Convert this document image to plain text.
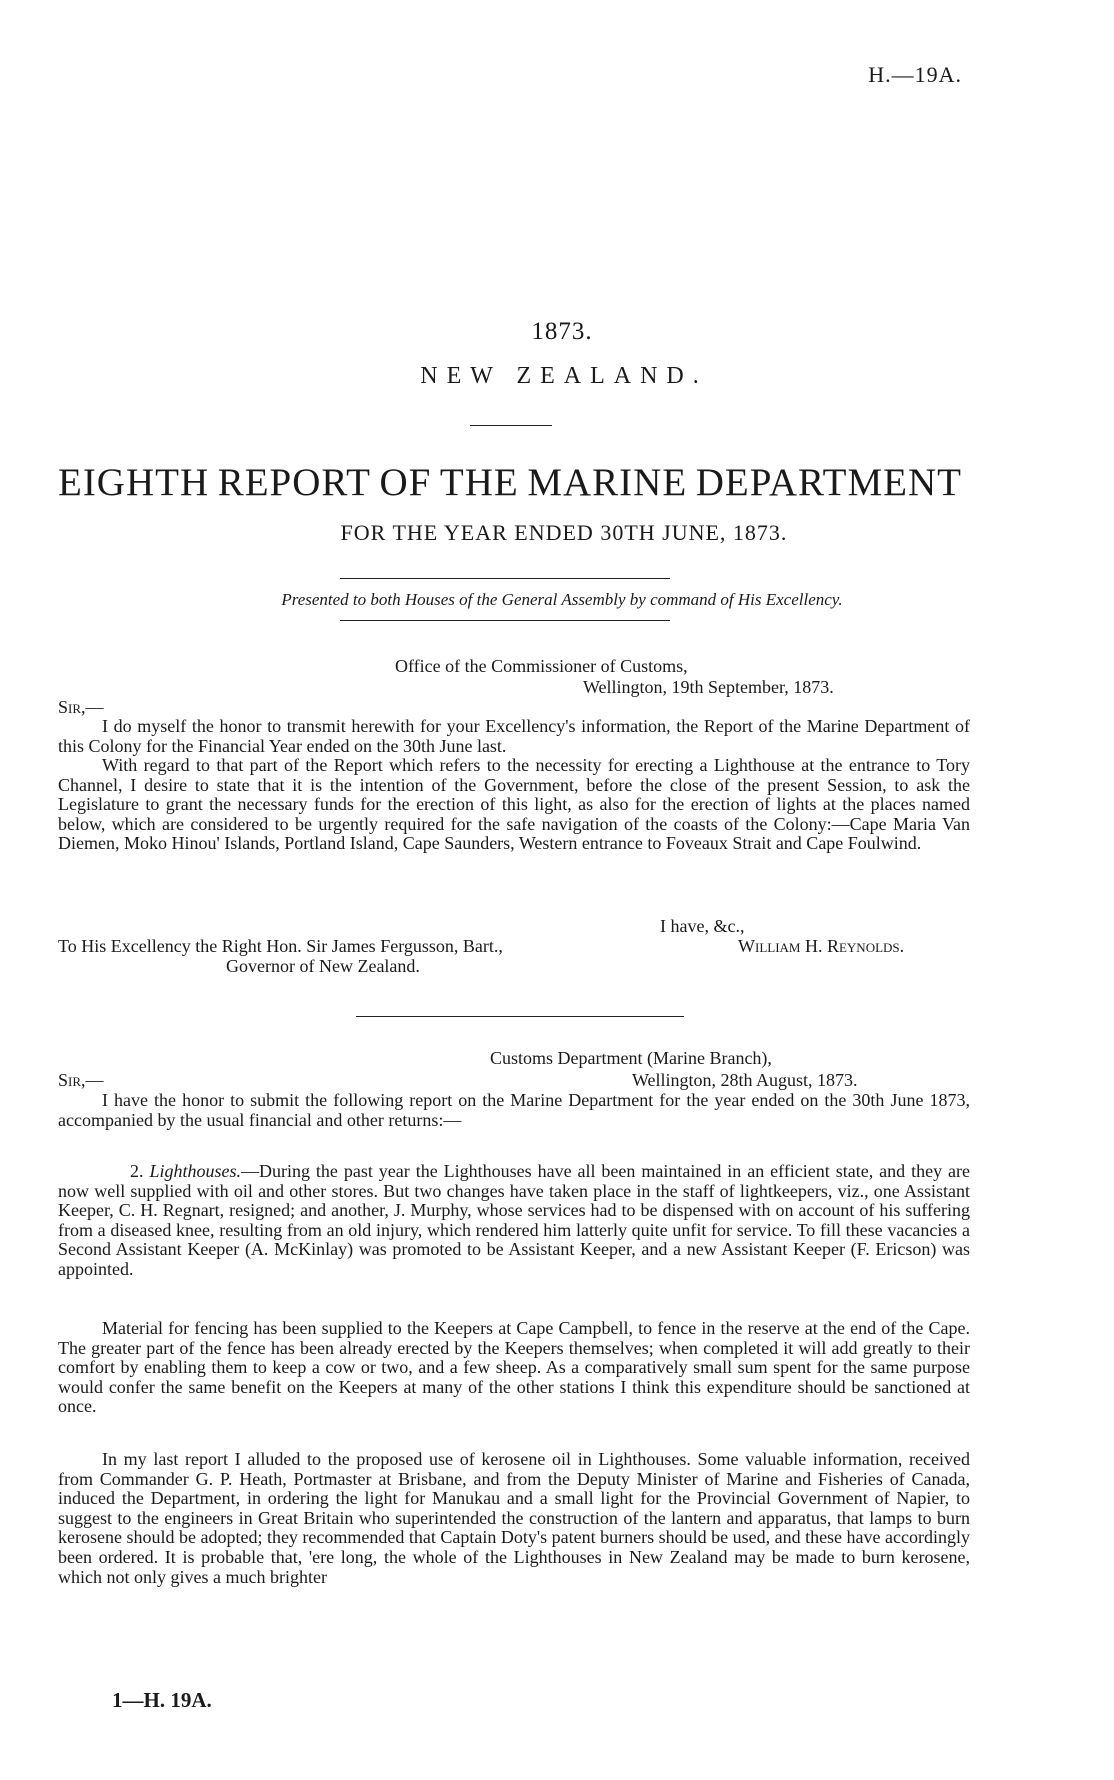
H.—19A.
1873.
NEW ZEALAND.
EIGHTH REPORT OF THE MARINE DEPARTMENT
FOR THE YEAR ENDED 30TH JUNE, 1873.
Presented to both Houses of the General Assembly by command of His Excellency.
Office of the Commissioner of Customs,
Wellington, 19th September, 1873.
Sir,—
I do myself the honor to transmit herewith for your Excellency's information, the Report of the Marine Department of this Colony for the Financial Year ended on the 30th June last.
With regard to that part of the Report which refers to the necessity for erecting a Lighthouse at the entrance to Tory Channel, I desire to state that it is the intention of the Government, before the close of the present Session, to ask the Legislature to grant the necessary funds for the erection of this light, as also for the erection of lights at the places named below, which are considered to be urgently required for the safe navigation of the coasts of the Colony:—Cape Maria Van Diemen, Moko Hinou' Islands, Portland Island, Cape Saunders, Western entrance to Foveaux Strait and Cape Foulwind.
I have, &c.,
To His Excellency the Right Hon. Sir James Fergusson, Bart.,	William H. Reynolds.
Governor of New Zealand.
Customs Department (Marine Branch),
Sir,—	Wellington, 28th August, 1873.
I have the honor to submit the following report on the Marine Department for the year ended on the 30th June 1873, accompanied by the usual financial and other returns:—
2. Lighthouses.—During the past year the Lighthouses have all been maintained in an efficient state, and they are now well supplied with oil and other stores. But two changes have taken place in the staff of lightkeepers, viz., one Assistant Keeper, C. H. Regnart, resigned; and another, J. Murphy, whose services had to be dispensed with on account of his suffering from a diseased knee, resulting from an old injury, which rendered him latterly quite unfit for service. To fill these vacancies a Second Assistant Keeper (A. McKinlay) was promoted to be Assistant Keeper, and a new Assistant Keeper (F. Ericson) was appointed.
Material for fencing has been supplied to the Keepers at Cape Campbell, to fence in the reserve at the end of the Cape. The greater part of the fence has been already erected by the Keepers themselves; when completed it will add greatly to their comfort by enabling them to keep a cow or two, and a few sheep. As a comparatively small sum spent for the same purpose would confer the same benefit on the Keepers at many of the other stations I think this expenditure should be sanctioned at once.
In my last report I alluded to the proposed use of kerosene oil in Lighthouses. Some valuable information, received from Commander G. P. Heath, Portmaster at Brisbane, and from the Deputy Minister of Marine and Fisheries of Canada, induced the Department, in ordering the light for Manukau and a small light for the Provincial Government of Napier, to suggest to the engineers in Great Britain who superintended the construction of the lantern and apparatus, that lamps to burn kerosene should be adopted; they recommended that Captain Doty's patent burners should be used, and these have accordingly been ordered. It is probable that, 'ere long, the whole of the Lighthouses in New Zealand may be made to burn kerosene, which not only gives a much brighter
1—H. 19A.
